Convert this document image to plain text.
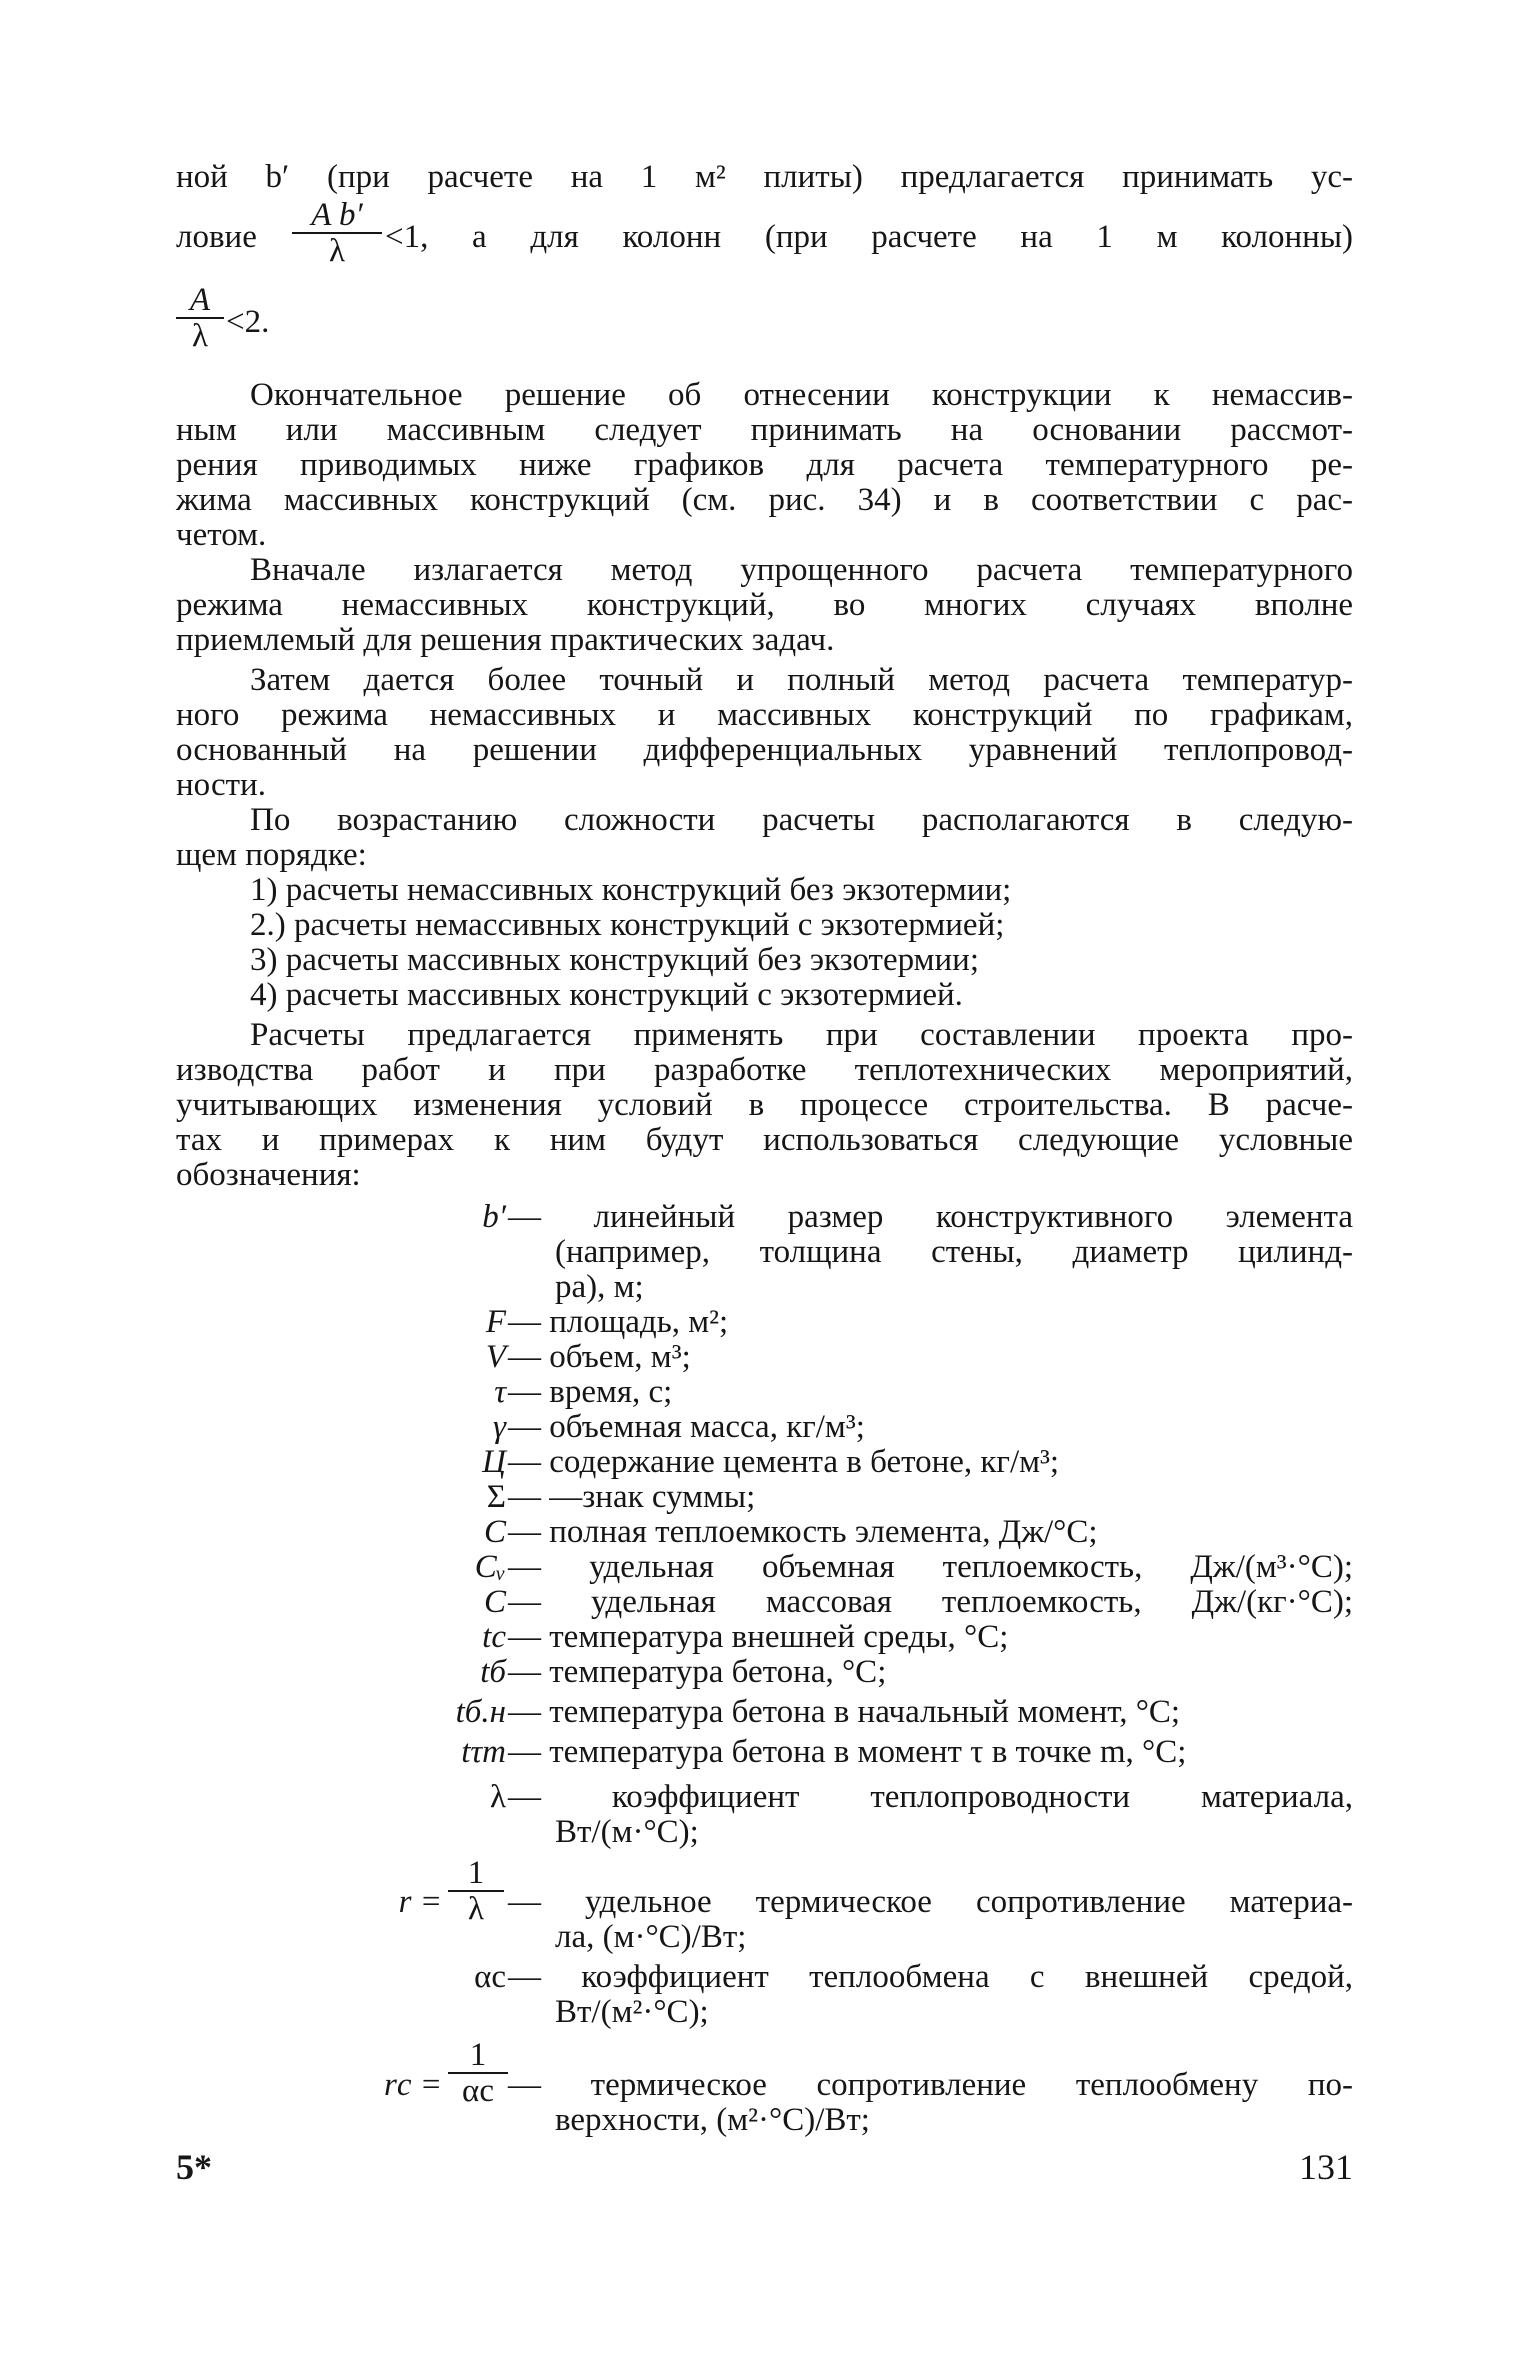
ной b′ (при расчете на 1 м² плиты) предлагается принимать ус-
ловие
A b′
λ	<1, а для колонн (при расчете на 1 м колонны)
A
λ <2.
Окончательное решение об отнесении конструкции к немассив-
ным или массивным следует принимать на основании рассмот-
рения приводимых ниже графиков для расчета температурного ре-
жима массивных конструкций (см. рис. 34) и в соответствии с рас-
четом.
Вначале излагается метод упрощенного расчета температурного
режима немассивных конструкций, во многих случаях вполне
приемлемый для решения практических задач.
Затем дается более точный и полный метод расчета температур-
ного режима немассивных и массивных конструкций по графикам,
основанный на решении дифференциальных уравнений теплопровод-
ности.
По возрастанию сложности расчеты располагаются в следую-
щем порядке:
1) расчеты немассивных конструкций без экзотермии;
2.) расчеты немассивных конструкций с экзотермией;
3) расчеты массивных конструкций без экзотермии;
4) расчеты массивных конструкций с экзотермией.
Расчеты предлагается применять при составлении проекта про-
изводства работ и при разработке теплотехнических мероприятий,
учитывающих изменения условий в процессе строительства. В расче-
тах и примерах к ним будут использоваться следующие условные
обозначения:
b′ — линейный размер конструктивного элемента
(например, толщина стены, диаметр цилинд-
ра), м;
F — площадь, м²;
V — объем, м³;
τ — время, с;
γ — объемная масса, кг/м³;
Ц — содержание цемента в бетоне, кг/м³;
Σ — —знак суммы;
C — полная теплоемкость элемента, Дж/°С;
Cᵥ — удельная объемная теплоемкость, Дж/(м³·°С);
C — удельная массовая теплоемкость, Дж/(кг·°С);
tс — температура внешней среды, °С;
tб — температура бетона, °С;
tб.н — температура бетона в начальный момент, °С;
tτm — температура бетона в момент τ в точке m, °С;
λ — коэффициент теплопроводности материала,
Вт/(м·°С);
r =
1
λ — удельное термическое сопротивление материа-
ла, (м·°С)/Вт;
αс — коэффициент теплообмена с внешней средой,
Вт/(м²·°С);
rс =
1
αс — термическое сопротивление теплообмену по-
верхности, (м²·°С)/Вт;
5*	131
